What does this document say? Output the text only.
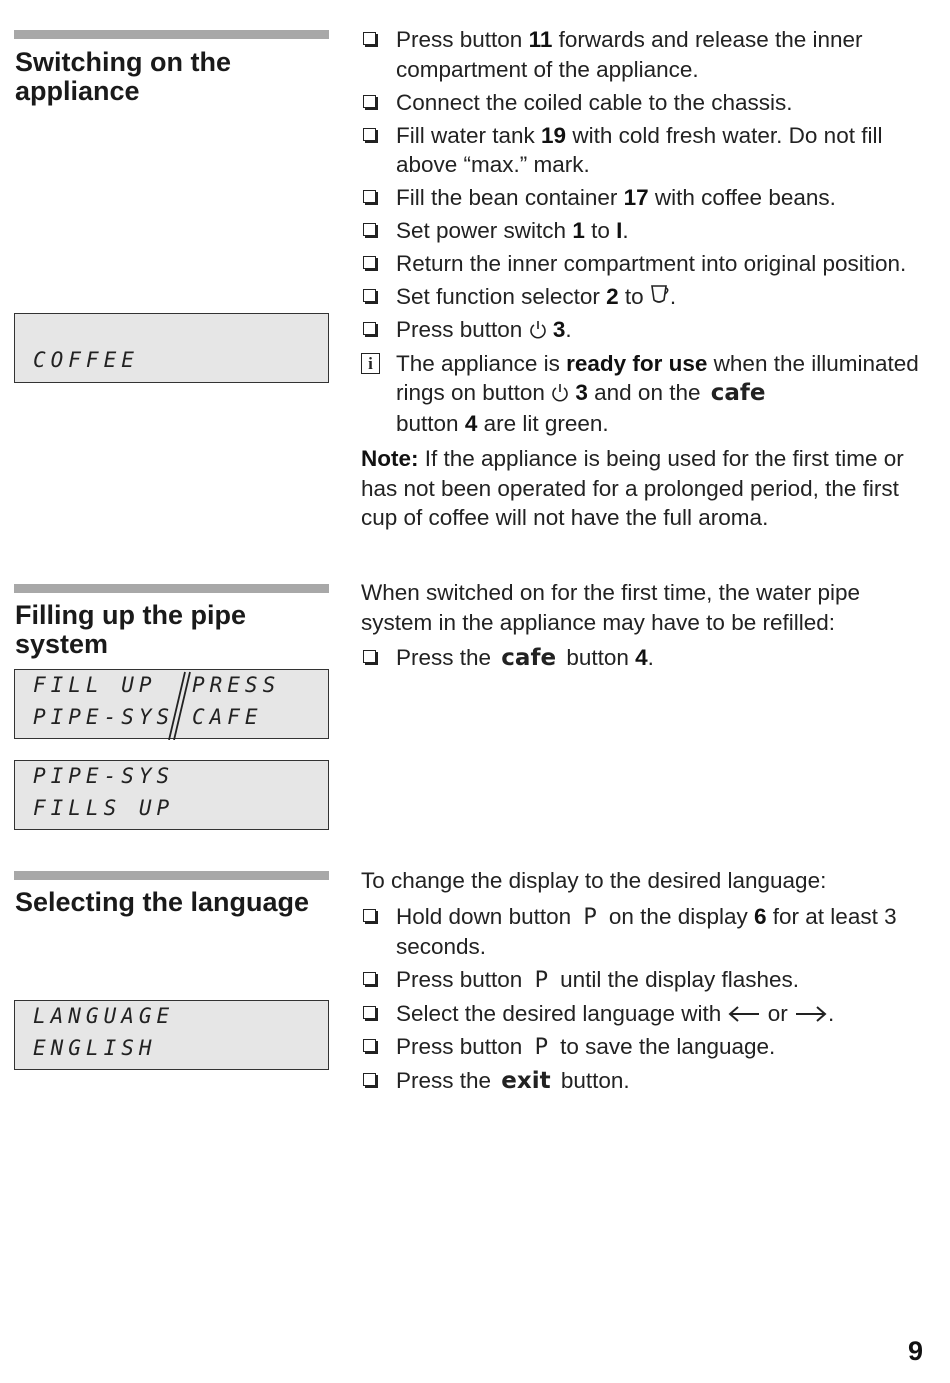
Switching on the appliance
COFFEE
Press button 11 forwards and release the inner compartment of the appliance.
Connect the coiled cable to the chassis.
Fill water tank 19 with cold fresh water. Do not fill above “max.” mark.
Fill the bean container 17 with coffee beans.
Set power switch 1 to I.
Return the inner compartment into original position.
Set function selector 2 to .
Press button  3.
i	The appliance is ready for use when the illuminated rings on button  3 and on the cafe
button 4 are lit green.

Note: If the appliance is being used for the first time or has not been operated for a prolonged period, the first cup of coffee will not have the full aroma.

Filling up the pipe system
FILL UP
PIPE-SYS
PRESS
CAFE
PIPE-SYS
FILLS UP

When switched on for the first time, the water pipe system in the appliance may have to be refilled:

Press the cafe button 4.
Selecting the language
LANGUAGE
ENGLISH

To change the display to the desired language:

Hold down button P on the display 6 for at least 3 seconds.
Press button P until the display flashes.
Select the desired language with  or .
Press button P to save the language.
Press the exit button.
9
